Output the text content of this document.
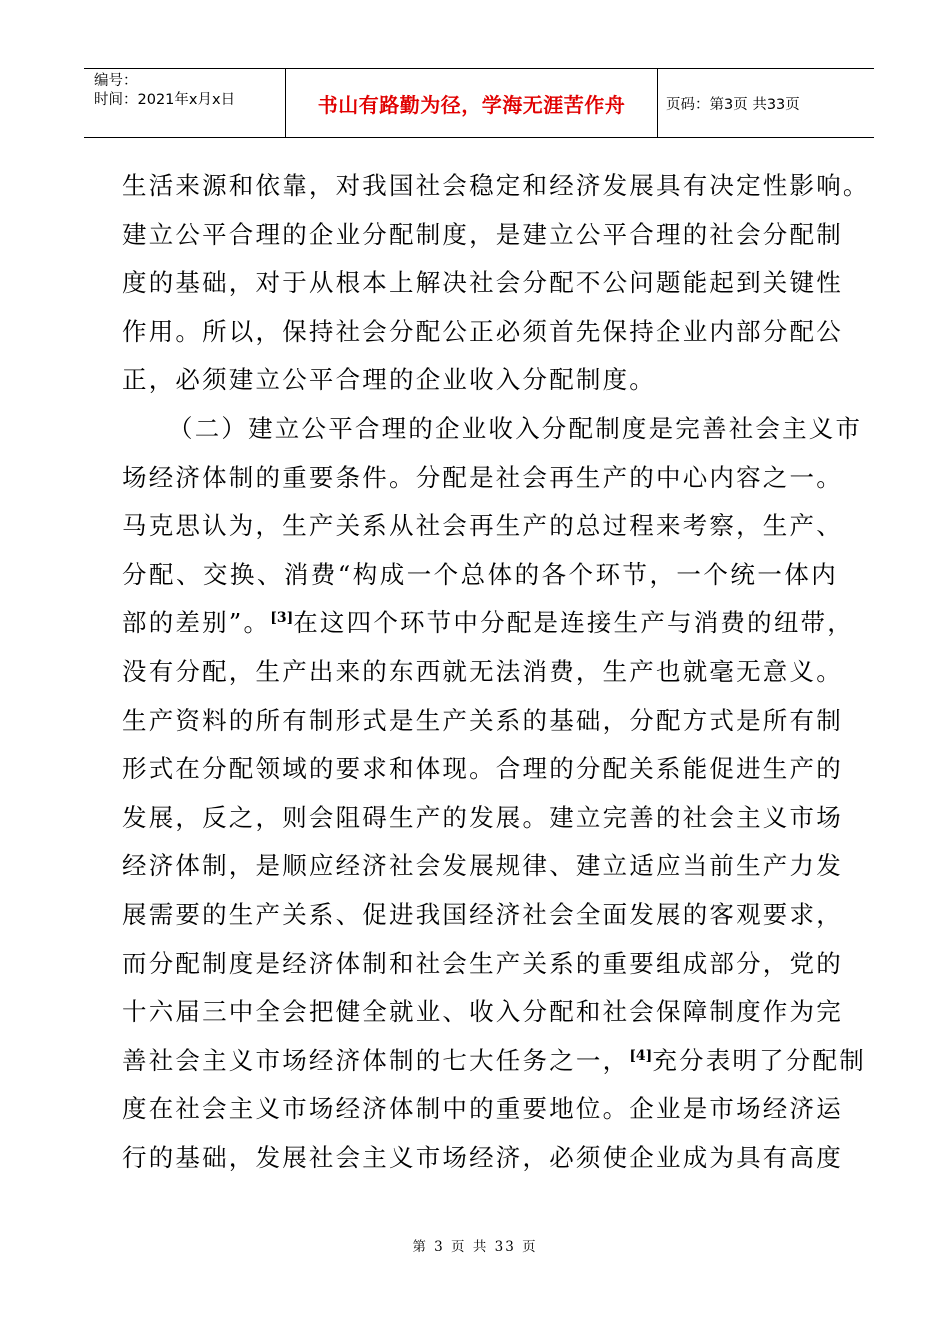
编号：
时间：2021年x月x日	书山有路勤为径，学海无涯苦作舟	页码：第3页 共33页
生活来源和依靠，对我国社会稳定和经济发展具有决定性影响。
建立公平合理的企业分配制度，是建立公平合理的社会分配制
度的基础，对于从根本上解决社会分配不公问题能起到关键性
作用。所以，保持社会分配公正必须首先保持企业内部分配公
正，必须建立公平合理的企业收入分配制度。
（二）建立公平合理的企业收入分配制度是完善社会主义市
场经济体制的重要条件。分配是社会再生产的中心内容之一。
马克思认为，生产关系从社会再生产的总过程来考察，生产、
分配、交换、消费“构成一个总体的各个环节，一个统一体内
部的差别”。[3]在这四个环节中分配是连接生产与消费的纽带，
没有分配，生产出来的东西就无法消费，生产也就毫无意义。
生产资料的所有制形式是生产关系的基础，分配方式是所有制
形式在分配领域的要求和体现。合理的分配关系能促进生产的
发展，反之，则会阻碍生产的发展。建立完善的社会主义市场
经济体制，是顺应经济社会发展规律、建立适应当前生产力发
展需要的生产关系、促进我国经济社会全面发展的客观要求，
而分配制度是经济体制和社会生产关系的重要组成部分，党的
十六届三中全会把健全就业、收入分配和社会保障制度作为完
善社会主义市场经济体制的七大任务之一，[4]充分表明了分配制
度在社会主义市场经济体制中的重要地位。企业是市场经济运
行的基础，发展社会主义市场经济，必须使企业成为具有高度
第 3 页 共 33 页
